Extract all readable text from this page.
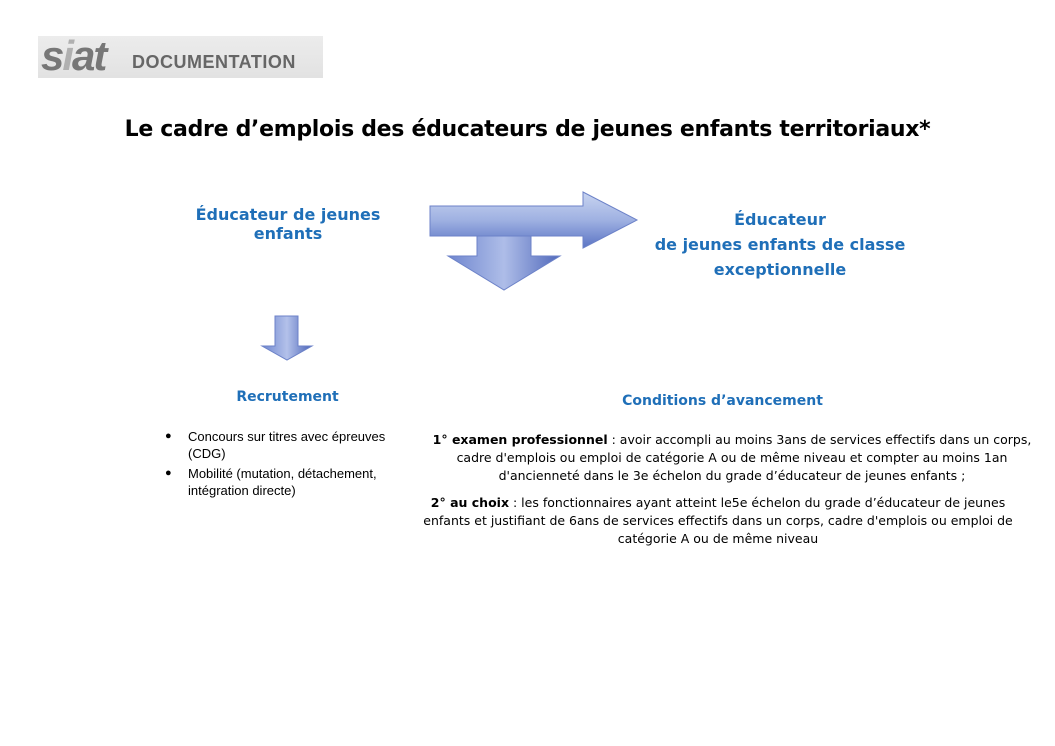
siat DOCUMENTATION
Le cadre d’emplois des éducateurs de jeunes enfants territoriaux*
Éducateur de jeunes enfants
Éducateur
de jeunes enfants de classe
exceptionnelle
Recrutement
● Concours sur titres avec épreuves (CDG)
● Mobilité (mutation, détachement, intégration directe)
Conditions d’avancement
1° examen professionnel : avoir accompli au moins 3ans de services effectifs dans un corps, cadre d'emplois ou emploi de catégorie A ou de même niveau et compter au moins 1an d'ancienneté dans le 3e échelon du grade d’éducateur de jeunes enfants ;
2° au choix : les fonctionnaires ayant atteint le5e échelon du grade d’éducateur de jeunes enfants et justifiant de 6ans de services effectifs dans un corps, cadre d'emplois ou emploi de catégorie A ou de même niveau
